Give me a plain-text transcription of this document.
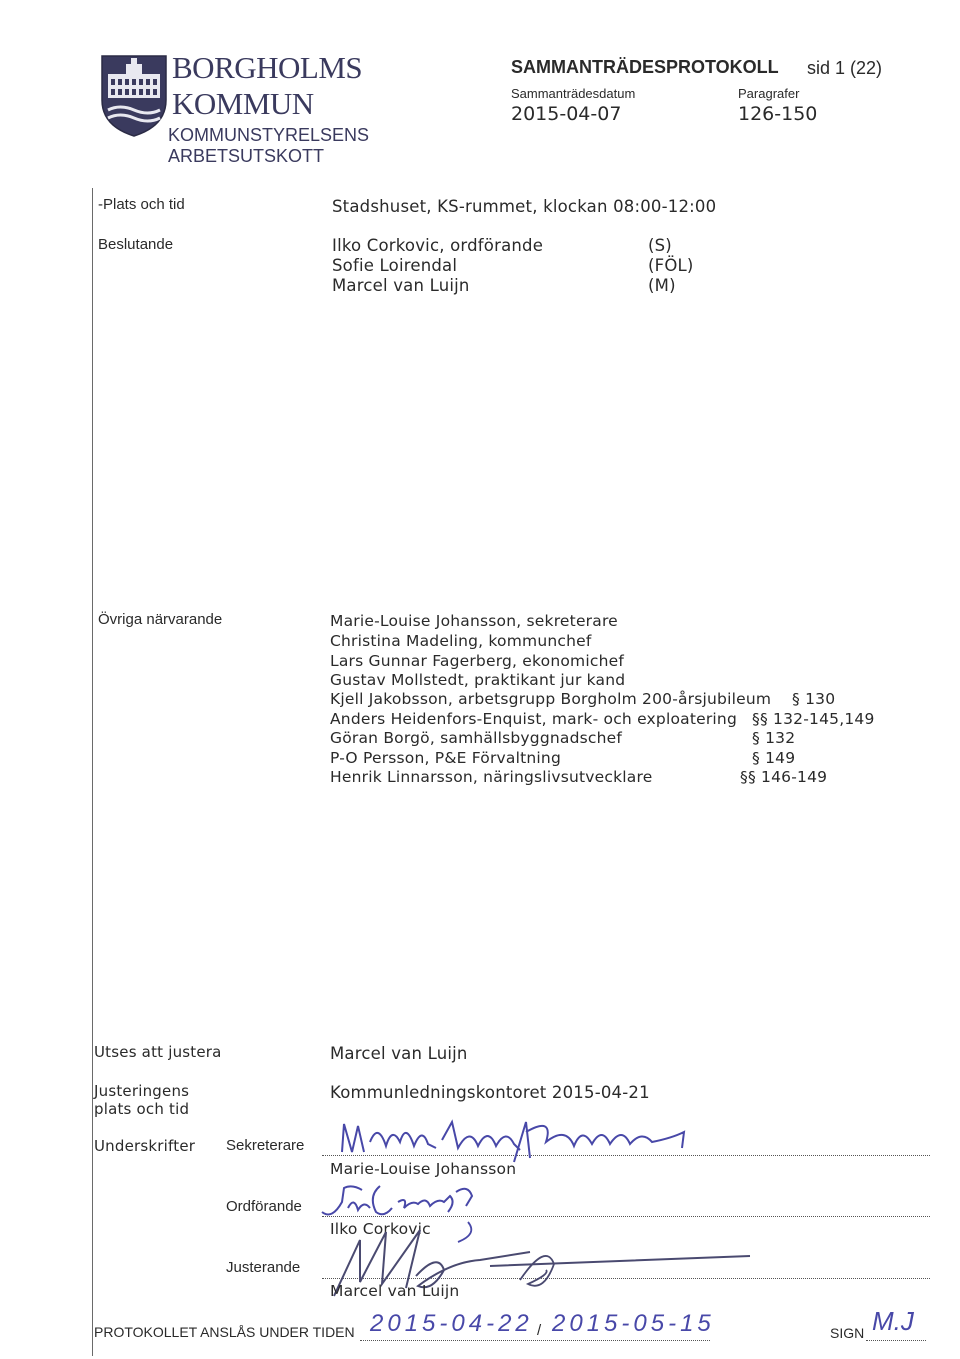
BORGHOLMS
KOMMUN
KOMMUNSTYRELSENS
ARBETSUTSKOTT
SAMMANTRÄDESPROTOKOLL sid 1 (22)
Sammanträdesdatum
2015-04-07
Paragrafer
126-150
-Plats och tid	Stadshuset, KS-rummet, klockan 08:00-12:00
Beslutande	Ilko Corkovic, ordförande	(S)
Sofie Loirendal	(FÖL)
Marcel van Luijn	(M)
Övriga närvarande	Marie-Louise Johansson, sekreterare
Christina Madeling, kommunchef
Lars Gunnar Fagerberg, ekonomichef
Gustav Mollstedt, praktikant jur kand
Kjell Jakobsson, arbetsgrupp Borgholm 200-årsjubileum § 130
Anders Heidenfors-Enquist, mark- och exploatering §§ 132-145,149
Göran Borgö, samhällsbyggnadschef	§ 132
P-O Persson, P&E Förvaltning	§ 149
Henrik Linnarsson, näringslivsutvecklare	§§ 146-149
Utses att justera	Marcel van Luijn
Justeringens
plats och tid
Kommunledningskontoret 2015-04-21
Underskrifter Sekreterare
Marie-Louise Johansson
Ordförande
Ilko Corkovic
Justerande
Marcel van Luijn
PROTOKOLLET ANSLÅS UNDER TIDEN 2015-04-22 / 2015-05-15	SIGN M.J
